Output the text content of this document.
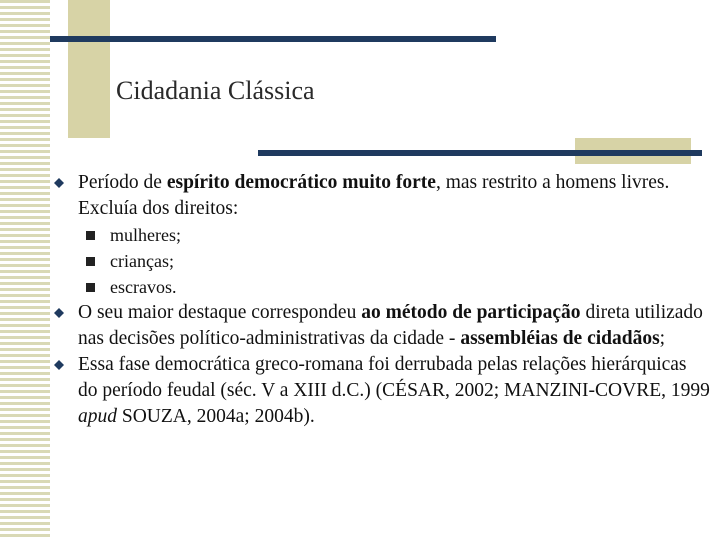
Cidadania Clássica
Período de espírito democrático muito forte, mas restrito a homens livres. Excluía dos direitos:
mulheres;
crianças;
escravos.
O seu maior destaque correspondeu ao método de participação direta utilizado nas decisões político-administrativas da cidade - assembléias de cidadãos;
Essa fase democrática greco-romana foi derrubada pelas relações hierárquicas do período feudal (séc. V a XIII d.C.) (CÉSAR, 2002; MANZINI-COVRE, 1999 apud SOUZA, 2004a; 2004b).
